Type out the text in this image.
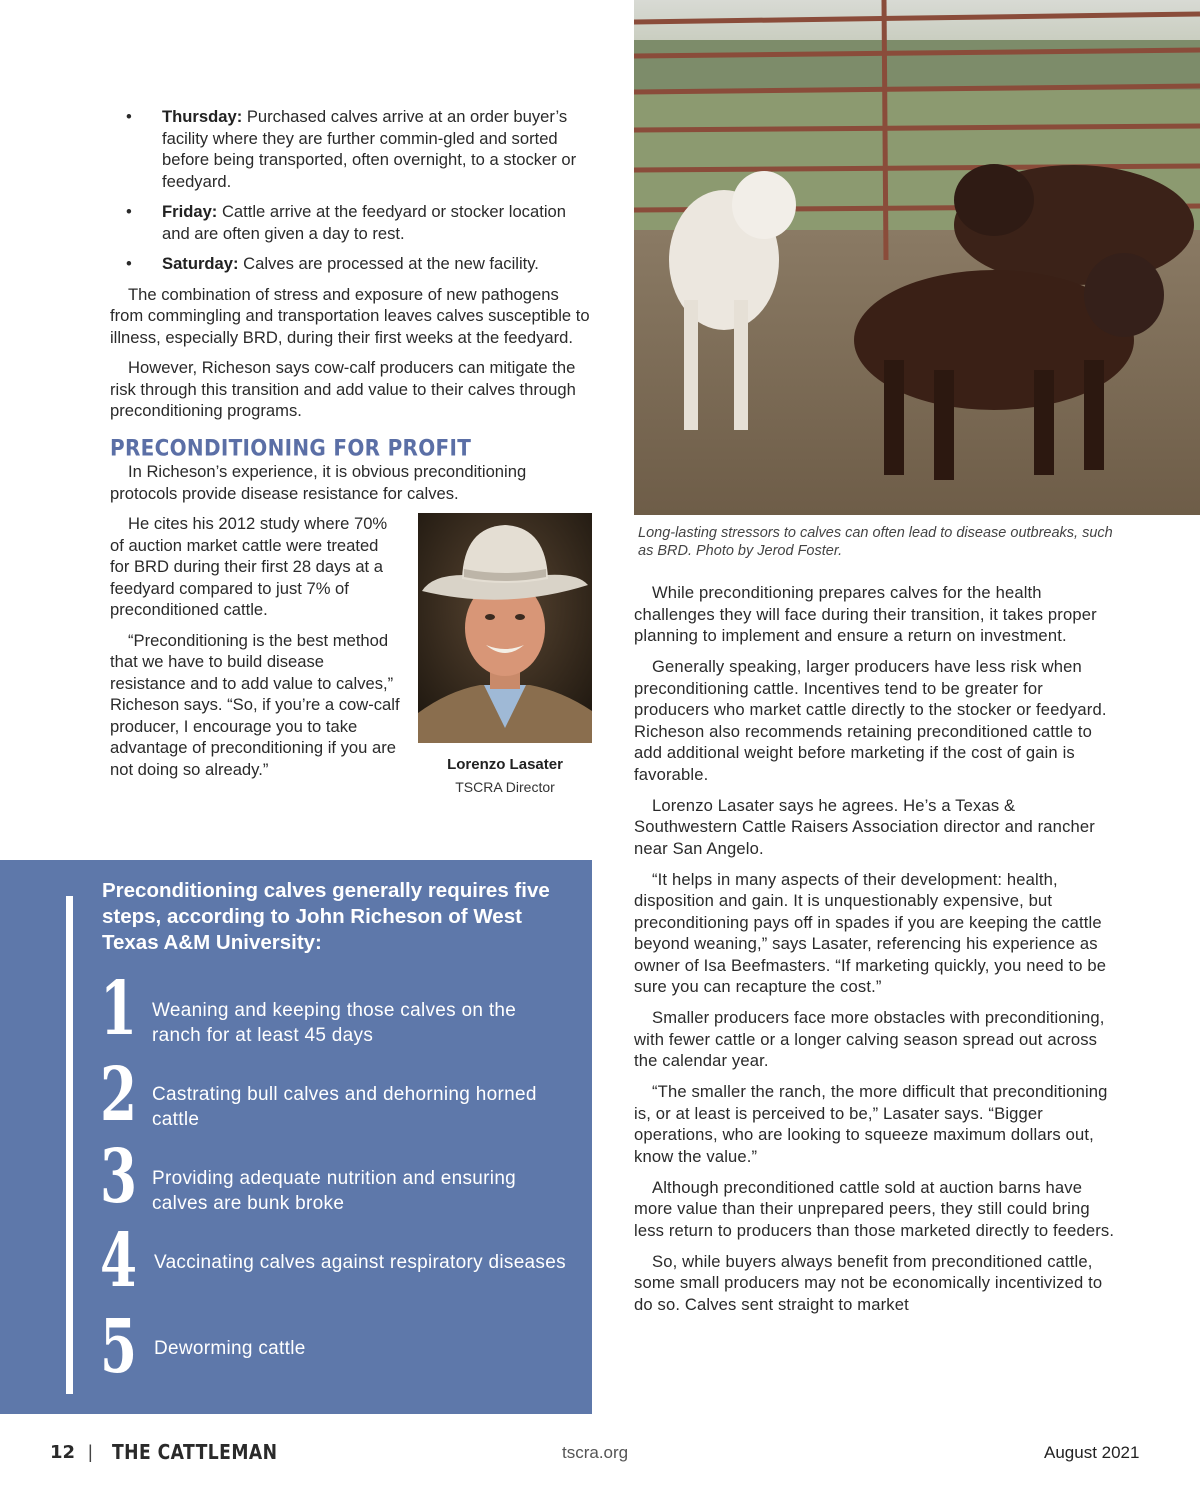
• Thursday: Purchased calves arrive at an order buyer’s facility where they are further commin-gled and sorted before being transported, often overnight, to a stocker or feedyard.
• Friday: Cattle arrive at the feedyard or stocker location and are often given a day to rest.
• Saturday: Calves are processed at the new facility.

The combination of stress and exposure of new pathogens from commingling and transportation leaves calves susceptible to illness, especially BRD, during their first weeks at the feedyard.

However, Richeson says cow-calf producers can mitigate the risk through this transition and add value to their calves through preconditioning programs.

PRECONDITIONING FOR PROFIT

In Richeson’s experience, it is obvious preconditioning protocols provide disease resistance for calves.

He cites his 2012 study where 70% of auction market cattle were treated for BRD during their first 28 days at a feedyard compared to just 7% of preconditioned cattle.

“Preconditioning is the best method that we have to build disease resistance and to add value to calves,” Richeson says. “So, if you’re a cow-calf producer, I encourage you to take advantage of preconditioning if you are not doing so already.”	Lorenzo Lasater
TSCRA Director
Preconditioning calves generally requires five steps, according to John Richeson of West Texas A&M University:
1 Weaning and keeping those calves on the ranch for at least 45 days
2 Castrating bull calves and dehorning horned cattle
3 Providing adequate nutrition and ensuring calves are bunk broke
4 Vaccinating calves against respiratory diseases
5 Deworming cattle
Long-lasting stressors to calves can often lead to disease outbreaks, such as BRD. Photo by Jerod Foster.

While preconditioning prepares calves for the health challenges they will face during their transition, it takes proper planning to implement and ensure a return on investment.

Generally speaking, larger producers have less risk when preconditioning cattle. Incentives tend to be greater for producers who market cattle directly to the stocker or feedyard. Richeson also recommends retaining preconditioned cattle to add additional weight before marketing if the cost of gain is favorable.

Lorenzo Lasater says he agrees. He’s a Texas & Southwestern Cattle Raisers Association director and rancher near San Angelo.

“It helps in many aspects of their development: health, disposition and gain. It is unquestionably expensive, but preconditioning pays off in spades if you are keeping the cattle beyond weaning,” says Lasater, referencing his experience as owner of Isa Beefmasters. “If marketing quickly, you need to be sure you can recapture the cost.”

Smaller producers face more obstacles with preconditioning, with fewer cattle or a longer calving season spread out across the calendar year.

“The smaller the ranch, the more difficult that preconditioning is, or at least is perceived to be,” Lasater says. “Bigger operations, who are looking to squeeze maximum dollars out, know the value.”

Although preconditioned cattle sold at auction barns have more value than their unprepared peers, they still could bring less return to producers than those marketed directly to feeders.

So, while buyers always benefit from preconditioned cattle, some small producers may not be economically incentivized to do so. Calves sent straight to market

12 | THE CATTLEMAN	tscra.org	August 2021
